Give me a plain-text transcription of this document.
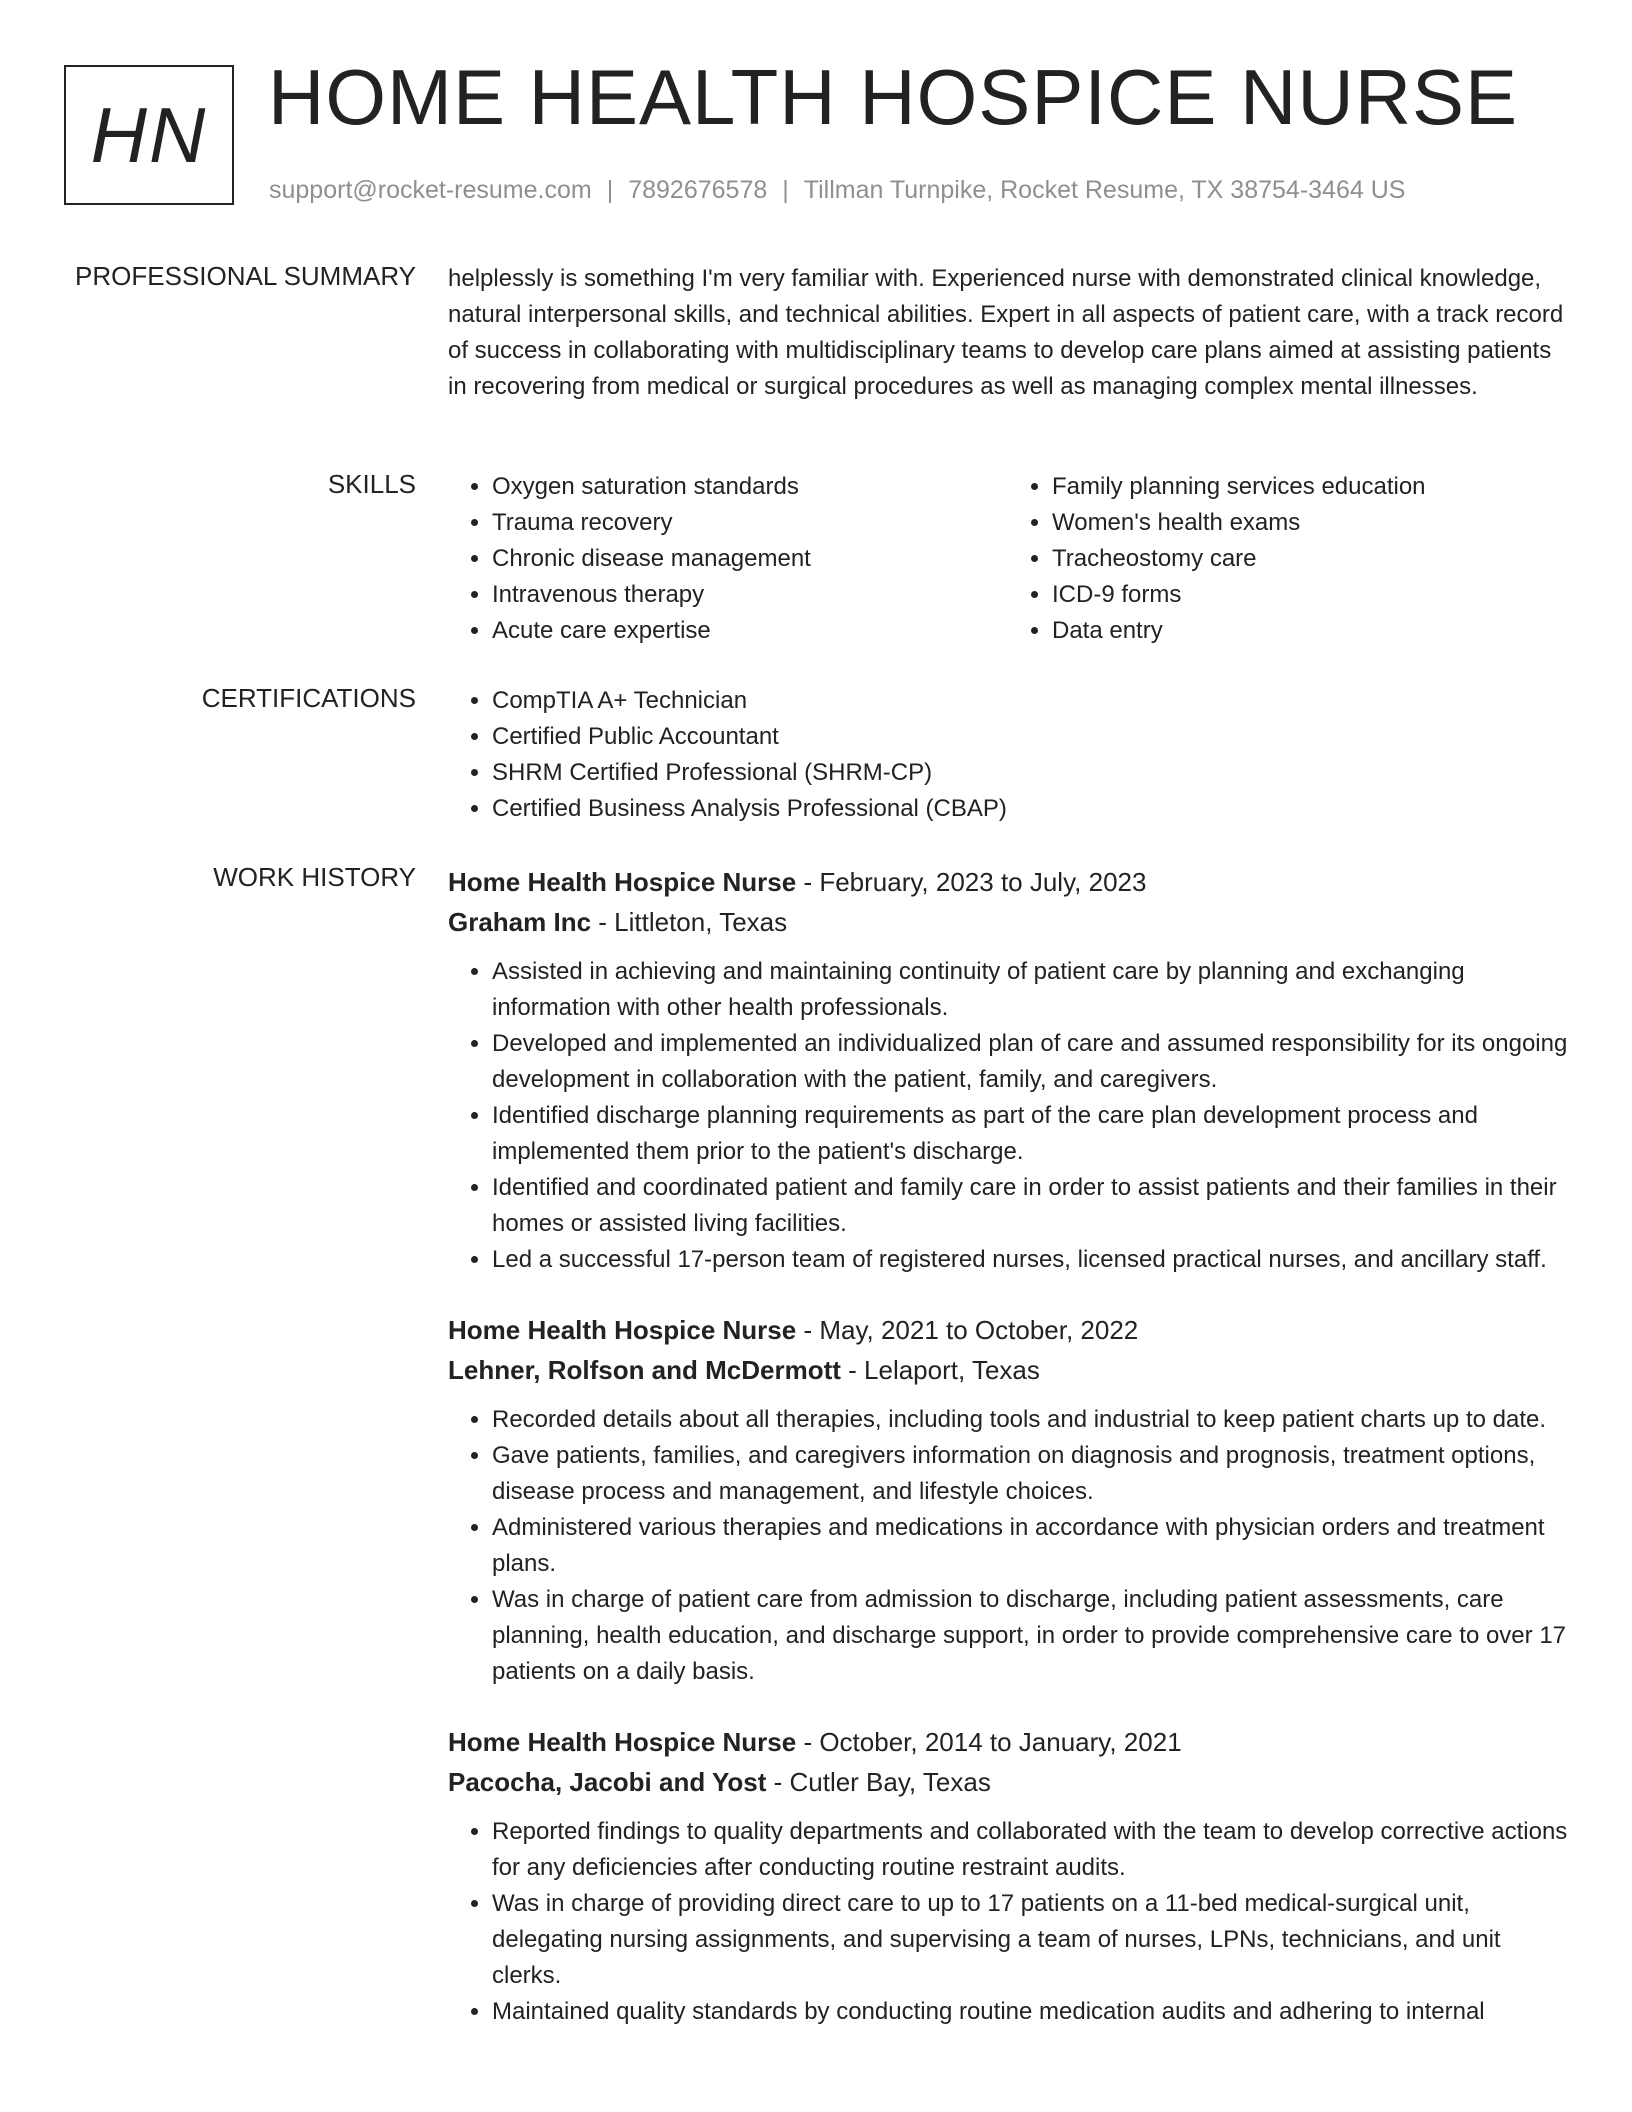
HN HOME HEALTH HOSPICE NURSE
support@rocket-resume.com | 7892676578 | Tillman Turnpike, Rocket Resume, TX 38754-3464 US
PROFESSIONAL SUMMARY helplessly is something I'm very familiar with. Experienced nurse with demonstrated clinical knowledge, natural interpersonal skills, and technical abilities. Expert in all aspects of patient care, with a track record of success in collaborating with multidisciplinary teams to develop care plans aimed at assisting patients in recovering from medical or surgical procedures as well as managing complex mental illnesses.
SKILLS	• Oxygen saturation standards
• Trauma recovery
• Chronic disease management
• Intravenous therapy
• Acute care expertise
• Family planning services education
• Women's health exams
• Tracheostomy care
• ICD-9 forms
• Data entry
CERTIFICATIONS	• CompTIA A+ Technician
• Certified Public Accountant
• SHRM Certified Professional (SHRM-CP)
• Certified Business Analysis Professional (CBAP)
WORK HISTORY Home Health Hospice Nurse - February, 2023 to July, 2023
Graham Inc - Littleton, Texas
• Assisted in achieving and maintaining continuity of patient care by planning and exchanging information with other health professionals.
• Developed and implemented an individualized plan of care and assumed responsibility for its ongoing development in collaboration with the patient, family, and caregivers.
• Identified discharge planning requirements as part of the care plan development process and implemented them prior to the patient's discharge.
• Identified and coordinated patient and family care in order to assist patients and their families in their homes or assisted living facilities.
• Led a successful 17-person team of registered nurses, licensed practical nurses, and ancillary staff.
Home Health Hospice Nurse - May, 2021 to October, 2022
Lehner, Rolfson and McDermott - Lelaport, Texas
• Recorded details about all therapies, including tools and industrial to keep patient charts up to date.
• Gave patients, families, and caregivers information on diagnosis and prognosis, treatment options, disease process and management, and lifestyle choices.
• Administered various therapies and medications in accordance with physician orders and treatment plans.
• Was in charge of patient care from admission to discharge, including patient assessments, care planning, health education, and discharge support, in order to provide comprehensive care to over 17 patients on a daily basis.
Home Health Hospice Nurse - October, 2014 to January, 2021
Pacocha, Jacobi and Yost - Cutler Bay, Texas
• Reported findings to quality departments and collaborated with the team to develop corrective actions for any deficiencies after conducting routine restraint audits.
• Was in charge of providing direct care to up to 17 patients on a 11-bed medical-surgical unit, delegating nursing assignments, and supervising a team of nurses, LPNs, technicians, and unit clerks.
• Maintained quality standards by conducting routine medication audits and adhering to internal
